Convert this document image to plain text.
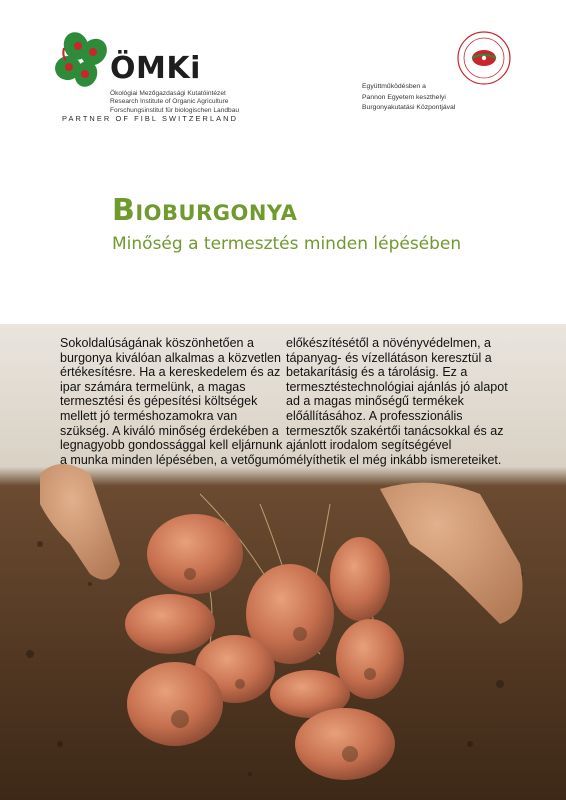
ÖMKi
Ökológiai Mezőgazdasági Kutatóintézet
Research Institute of Organic Agriculture
Forschungsinstitut für biologischen Landbau
PARTNER OF FIBL SWITZERLAND
Együttműködésben a
Pannon Egyetem keszthelyi
Burgonyakutatási Központjával
Bioburgonya
Minőség a termesztés minden lépésében
Sokoldalúságának köszönhetően a burgonya kiválóan alkalmas a közvetlen értékesítésre. Ha a kereskedelem és az ipar számára termelünk, a magas termesztési és gépesítési költségek mellett jó terméshozamokra van szükség. A kiváló minőség érdekében a legnagyobb gondossággal kell eljárnunk a munka minden lépésében, a vetőgumó
előkészítésétől a növényvédelmen, a tápanyag- és vízellátáson keresztül a betakarításig és a tárolásig. Ez a termesztéstechnológiai ajánlás jó alapot ad a magas minőségű termékek előállításához. A professzionális termesztők szakértői tanácsokkal és az ajánlott irodalom segítségével mélyíthetik el még inkább ismereteiket.
